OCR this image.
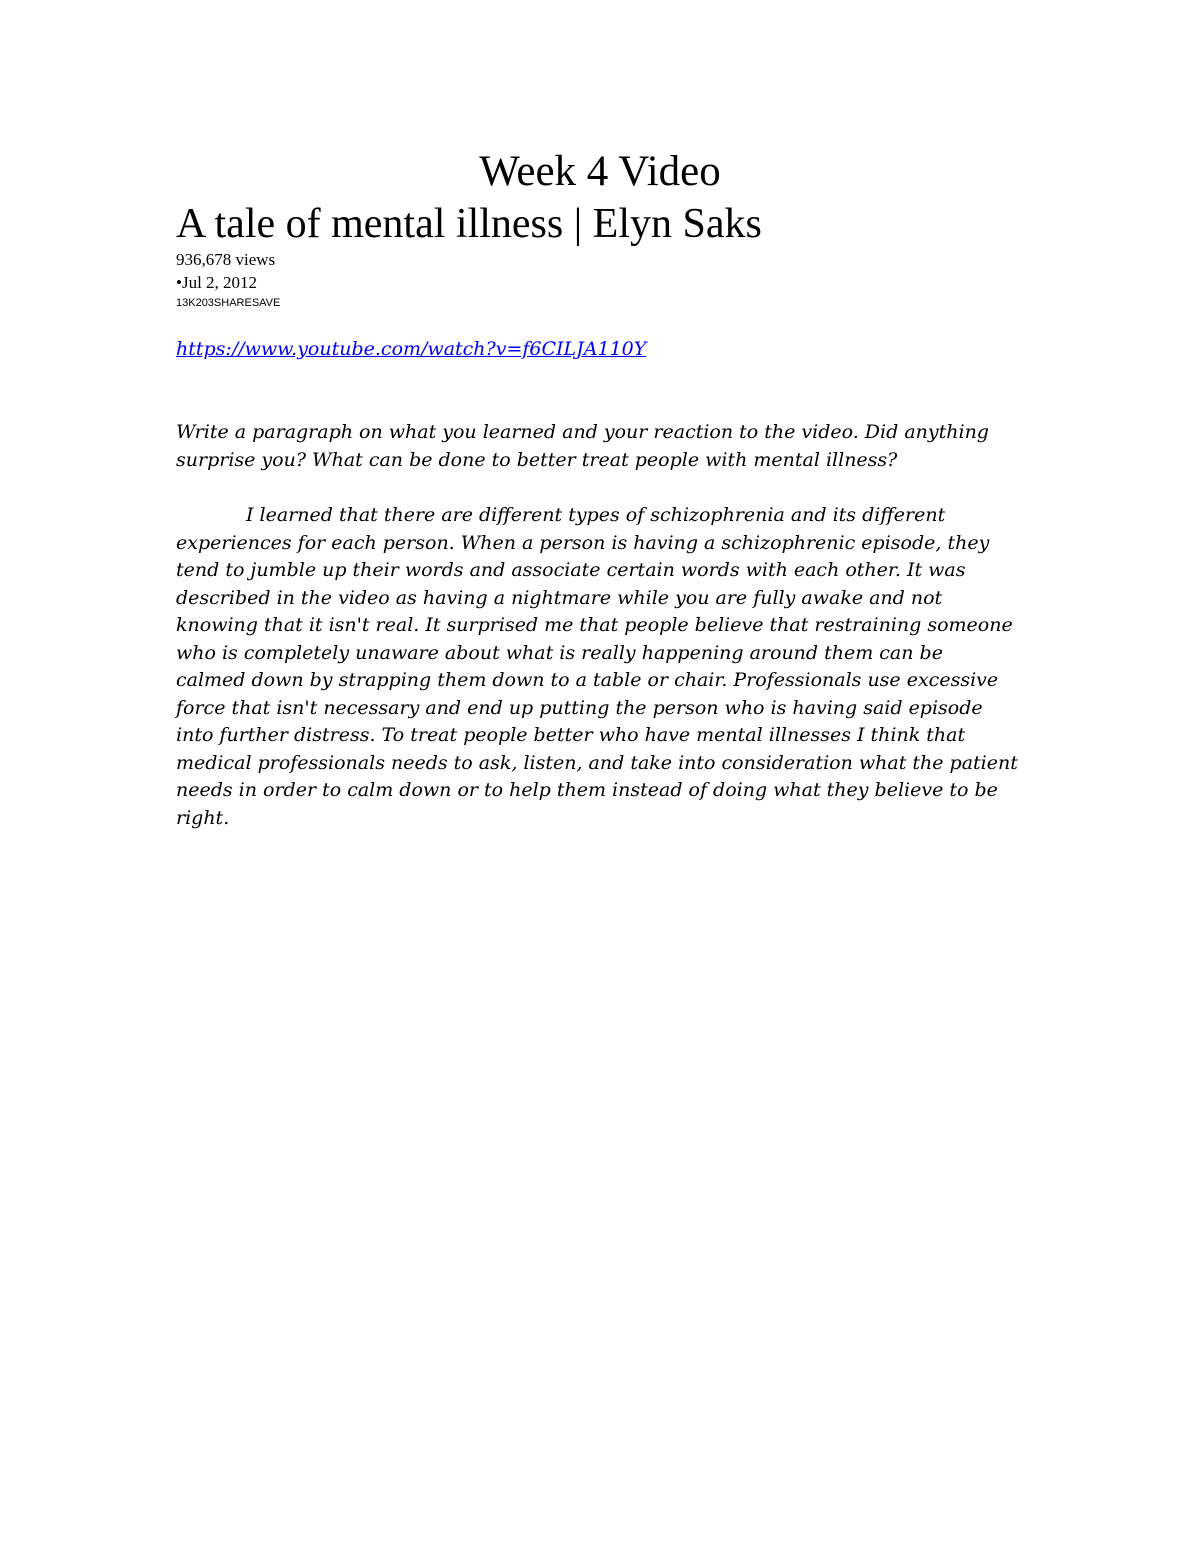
Week 4 Video
A tale of mental illness | Elyn Saks
936,678 views
•Jul 2, 2012
13K203SHARESAVE
https://www.youtube.com/watch?v=f6CILJA110Y

Write a paragraph on what you learned and your reaction to the video. Did anything
surprise you? What can be done to better treat people with mental illness?

I learned that there are different types of schizophrenia and its different
experiences for each person. When a person is having a schizophrenic episode, they
tend to jumble up their words and associate certain words with each other. It was
described in the video as having a nightmare while you are fully awake and not
knowing that it isn't real. It surprised me that people believe that restraining someone
who is completely unaware about what is really happening around them can be
calmed down by strapping them down to a table or chair. Professionals use excessive
force that isn't necessary and end up putting the person who is having said episode
into further distress. To treat people better who have mental illnesses I think that
medical professionals needs to ask, listen, and take into consideration what the patient
needs in order to calm down or to help them instead of doing what they believe to be
right.
